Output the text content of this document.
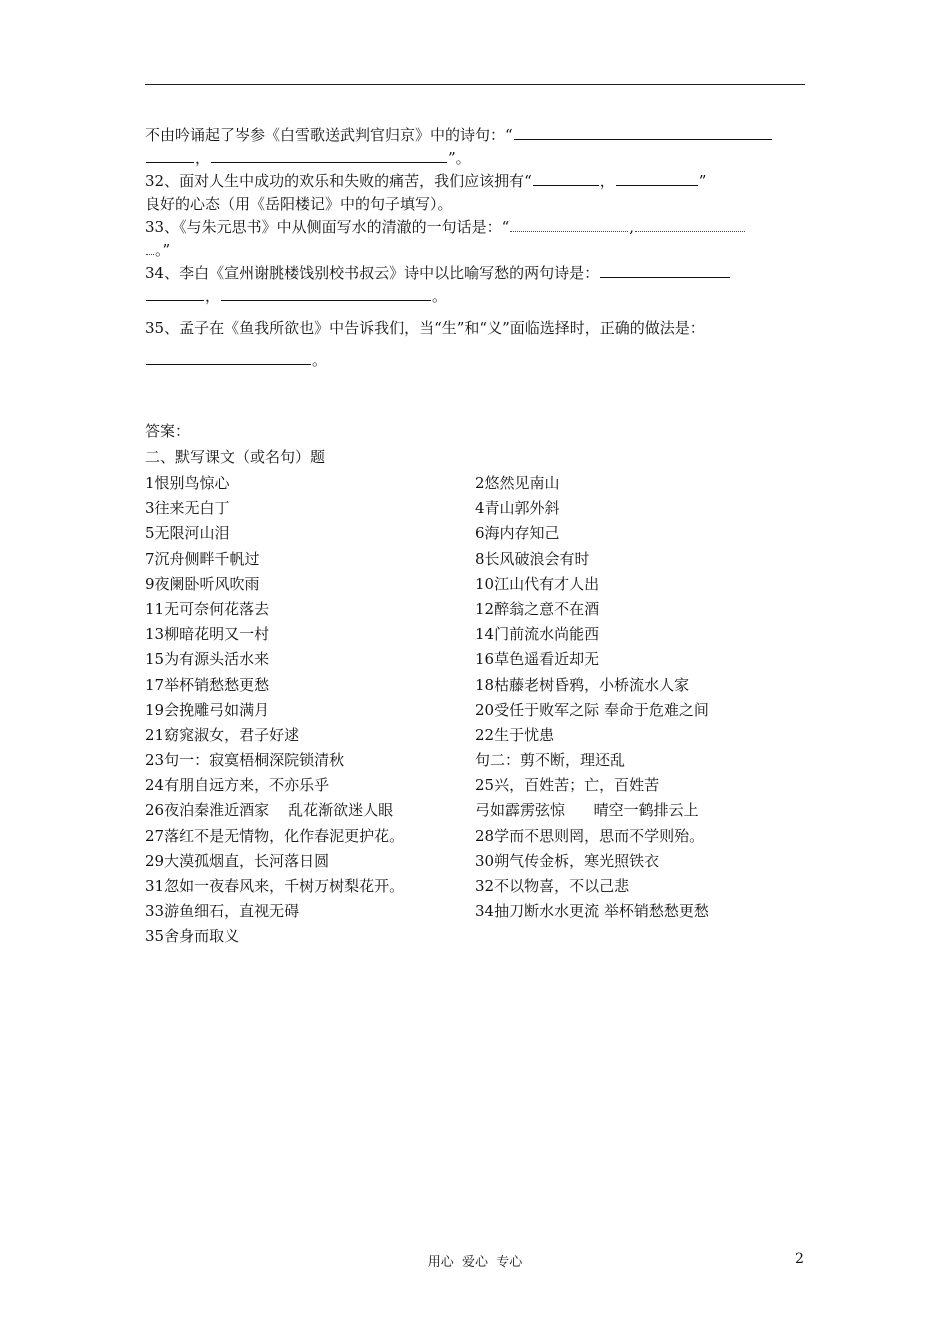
不由吟诵起了岑参《白雪歌送武判官归京》中的诗句：“

，	”。

32、面对人生中成功的欢乐和失败的痛苦，我们应该拥有“	，	”

良好的心态（用《岳阳楼记》中的句子填写）。

33、《与朱元思书》中从侧面写水的清澈的一句话是：“	,

。”

34、李白《宣州谢朓楼饯别校书叔云》诗中以比喻写愁的两句诗是：

，	。

35、孟子在《鱼我所欲也》中告诉我们，当“生”和“义”面临选择时，正确的做法是：

。

答案：

二、默写课文（或名句）题

1恨别鸟惊心	2悠然见南山
3往来无白丁	4青山郭外斜
5无限河山泪	6海内存知己
7沉舟侧畔千帆过	8长风破浪会有时
9夜阑卧听风吹雨	10江山代有才人出
11无可奈何花落去	12醉翁之意不在酒
13柳暗花明又一村	14门前流水尚能西
15为有源头活水来	16草色遥看近却无
17举杯销愁愁更愁	18枯藤老树昏鸦，小桥流水人家
19会挽雕弓如满月	20受任于败军之际 奉命于危难之间
21窈窕淑女，君子好逑	22生于忧患
23句一：寂寞梧桐深院锁清秋	句二：剪不断，理还乱
24有朋自远方来，不亦乐乎	25兴，百姓苦；亡，百姓苦
26夜泊秦淮近酒家    乱花渐欲迷人眼	弓如霹雳弦惊      晴空一鹤排云上
27落红不是无情物，化作春泥更护花。	28学而不思则罔，思而不学则殆。
29大漠孤烟直，长河落日圆	30朔气传金柝，寒光照铁衣
31忽如一夜春风来，千树万树梨花开。	32不以物喜，不以己悲
33游鱼细石，直视无碍	34抽刀断水水更流 举杯销愁愁更愁
35舍身而取义
用心  爱心  专心	2
